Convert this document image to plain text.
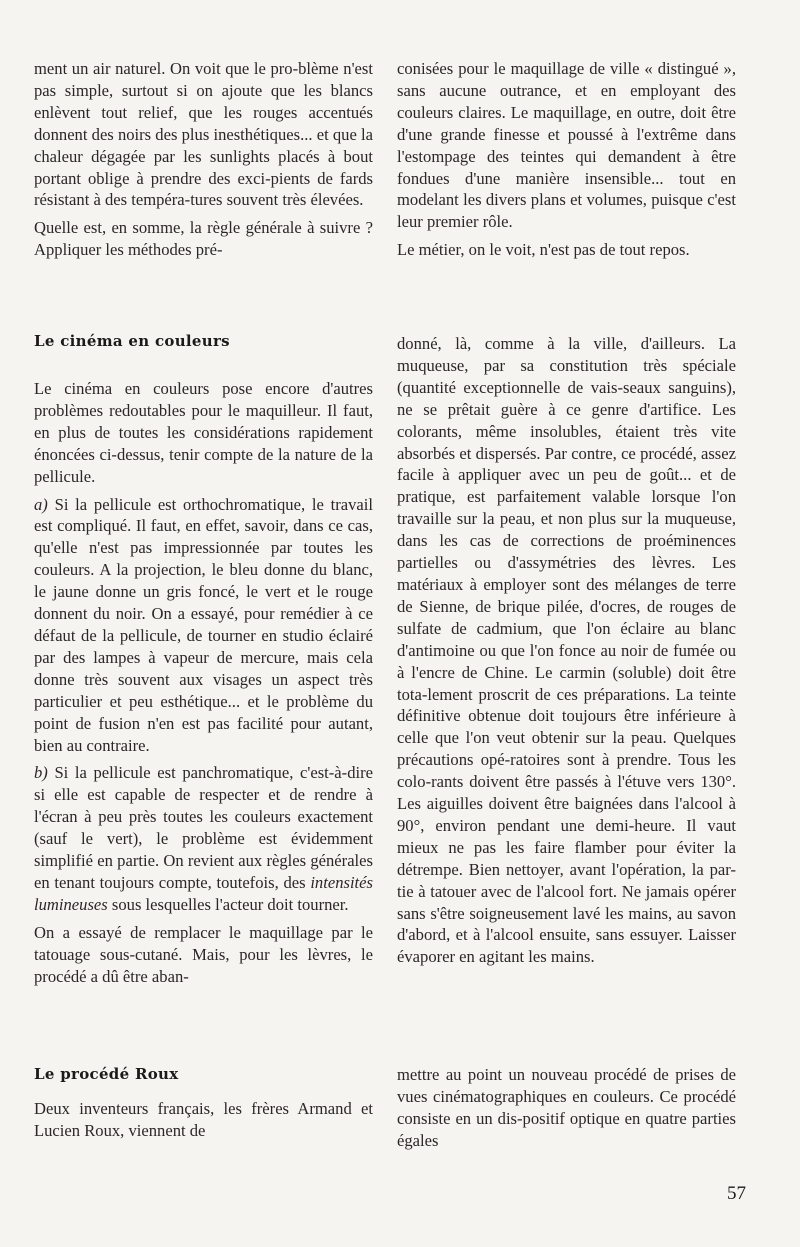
ment un air naturel. On voit que le pro-blème n'est pas simple, surtout si on ajoute que les blancs enlèvent tout relief, que les rouges accentués donnent des noirs des plus inesthétiques... et que la chaleur dégagée par les sunlights placés à bout portant oblige à prendre des exci-pients de fards résistant à des tempéra-tures souvent très élevées.

Quelle est, en somme, la règle générale à suivre ? Appliquer les méthodes pré-

conisées pour le maquillage de ville « distingué », sans aucune outrance, et en employant des couleurs claires. Le maquillage, en outre, doit être d'une grande finesse et poussé à l'extrême dans l'estompage des teintes qui demandent à être fondues d'une manière insensible... tout en modelant les divers plans et volumes, puisque c'est leur premier rôle.

Le métier, on le voit, n'est pas de tout repos.

Le cinéma en couleurs

Le cinéma en couleurs pose encore d'autres problèmes redoutables pour le maquilleur. Il faut, en plus de toutes les considérations rapidement énoncées ci-dessus, tenir compte de la nature de la pellicule.

a) Si la pellicule est orthochromatique, le travail est compliqué. Il faut, en effet, savoir, dans ce cas, qu'elle n'est pas impressionnée par toutes les couleurs. A la projection, le bleu donne du blanc, le jaune donne un gris foncé, le vert et le rouge donnent du noir. On a essayé, pour remédier à ce défaut de la pellicule, de tourner en studio éclairé par des lampes à vapeur de mercure, mais cela donne très souvent aux visages un aspect très particulier et peu esthétique... et le problème du point de fusion n'en est pas facilité pour autant, bien au contraire.

b) Si la pellicule est panchromatique, c'est-à-dire si elle est capable de respecter et de rendre à l'écran à peu près toutes les couleurs exactement (sauf le vert), le problème est évidemment simplifié en partie. On revient aux règles générales en tenant toujours compte, toutefois, des intensités lumineuses sous lesquelles l'acteur doit tourner.

On a essayé de remplacer le maquillage par le tatouage sous-cutané. Mais, pour les lèvres, le procédé a dû être aban-

donné, là, comme à la ville, d'ailleurs. La muqueuse, par sa constitution très spéciale (quantité exceptionnelle de vais-seaux sanguins), ne se prêtait guère à ce genre d'artifice. Les colorants, même insolubles, étaient très vite absorbés et dispersés. Par contre, ce procédé, assez facile à appliquer avec un peu de goût... et de pratique, est parfaitement valable lorsque l'on travaille sur la peau, et non plus sur la muqueuse, dans les cas de corrections de proéminences partielles ou d'assymétries des lèvres. Les matériaux à employer sont des mélanges de terre de Sienne, de brique pilée, d'ocres, de rouges de sulfate de cadmium, que l'on éclaire au blanc d'antimoine ou que l'on fonce au noir de fumée ou à l'encre de Chine. Le carmin (soluble) doit être tota-lement proscrit de ces préparations. La teinte définitive obtenue doit toujours être inférieure à celle que l'on veut obtenir sur la peau. Quelques précautions opé-ratoires sont à prendre. Tous les colo-rants doivent être passés à l'étuve vers 130°. Les aiguilles doivent être baignées dans l'alcool à 90°, environ pendant une demi-heure. Il vaut mieux ne pas les faire flamber pour éviter la détrempe. Bien nettoyer, avant l'opération, la par-tie à tatouer avec de l'alcool fort. Ne jamais opérer sans s'être soigneusement lavé les mains, au savon d'abord, et à l'alcool ensuite, sans essuyer. Laisser évaporer en agitant les mains.

Le procédé Roux

Deux inventeurs français, les frères Armand et Lucien Roux, viennent de

mettre au point un nouveau procédé de prises de vues cinématographiques en couleurs. Ce procédé consiste en un dis-positif optique en quatre parties égales

57
